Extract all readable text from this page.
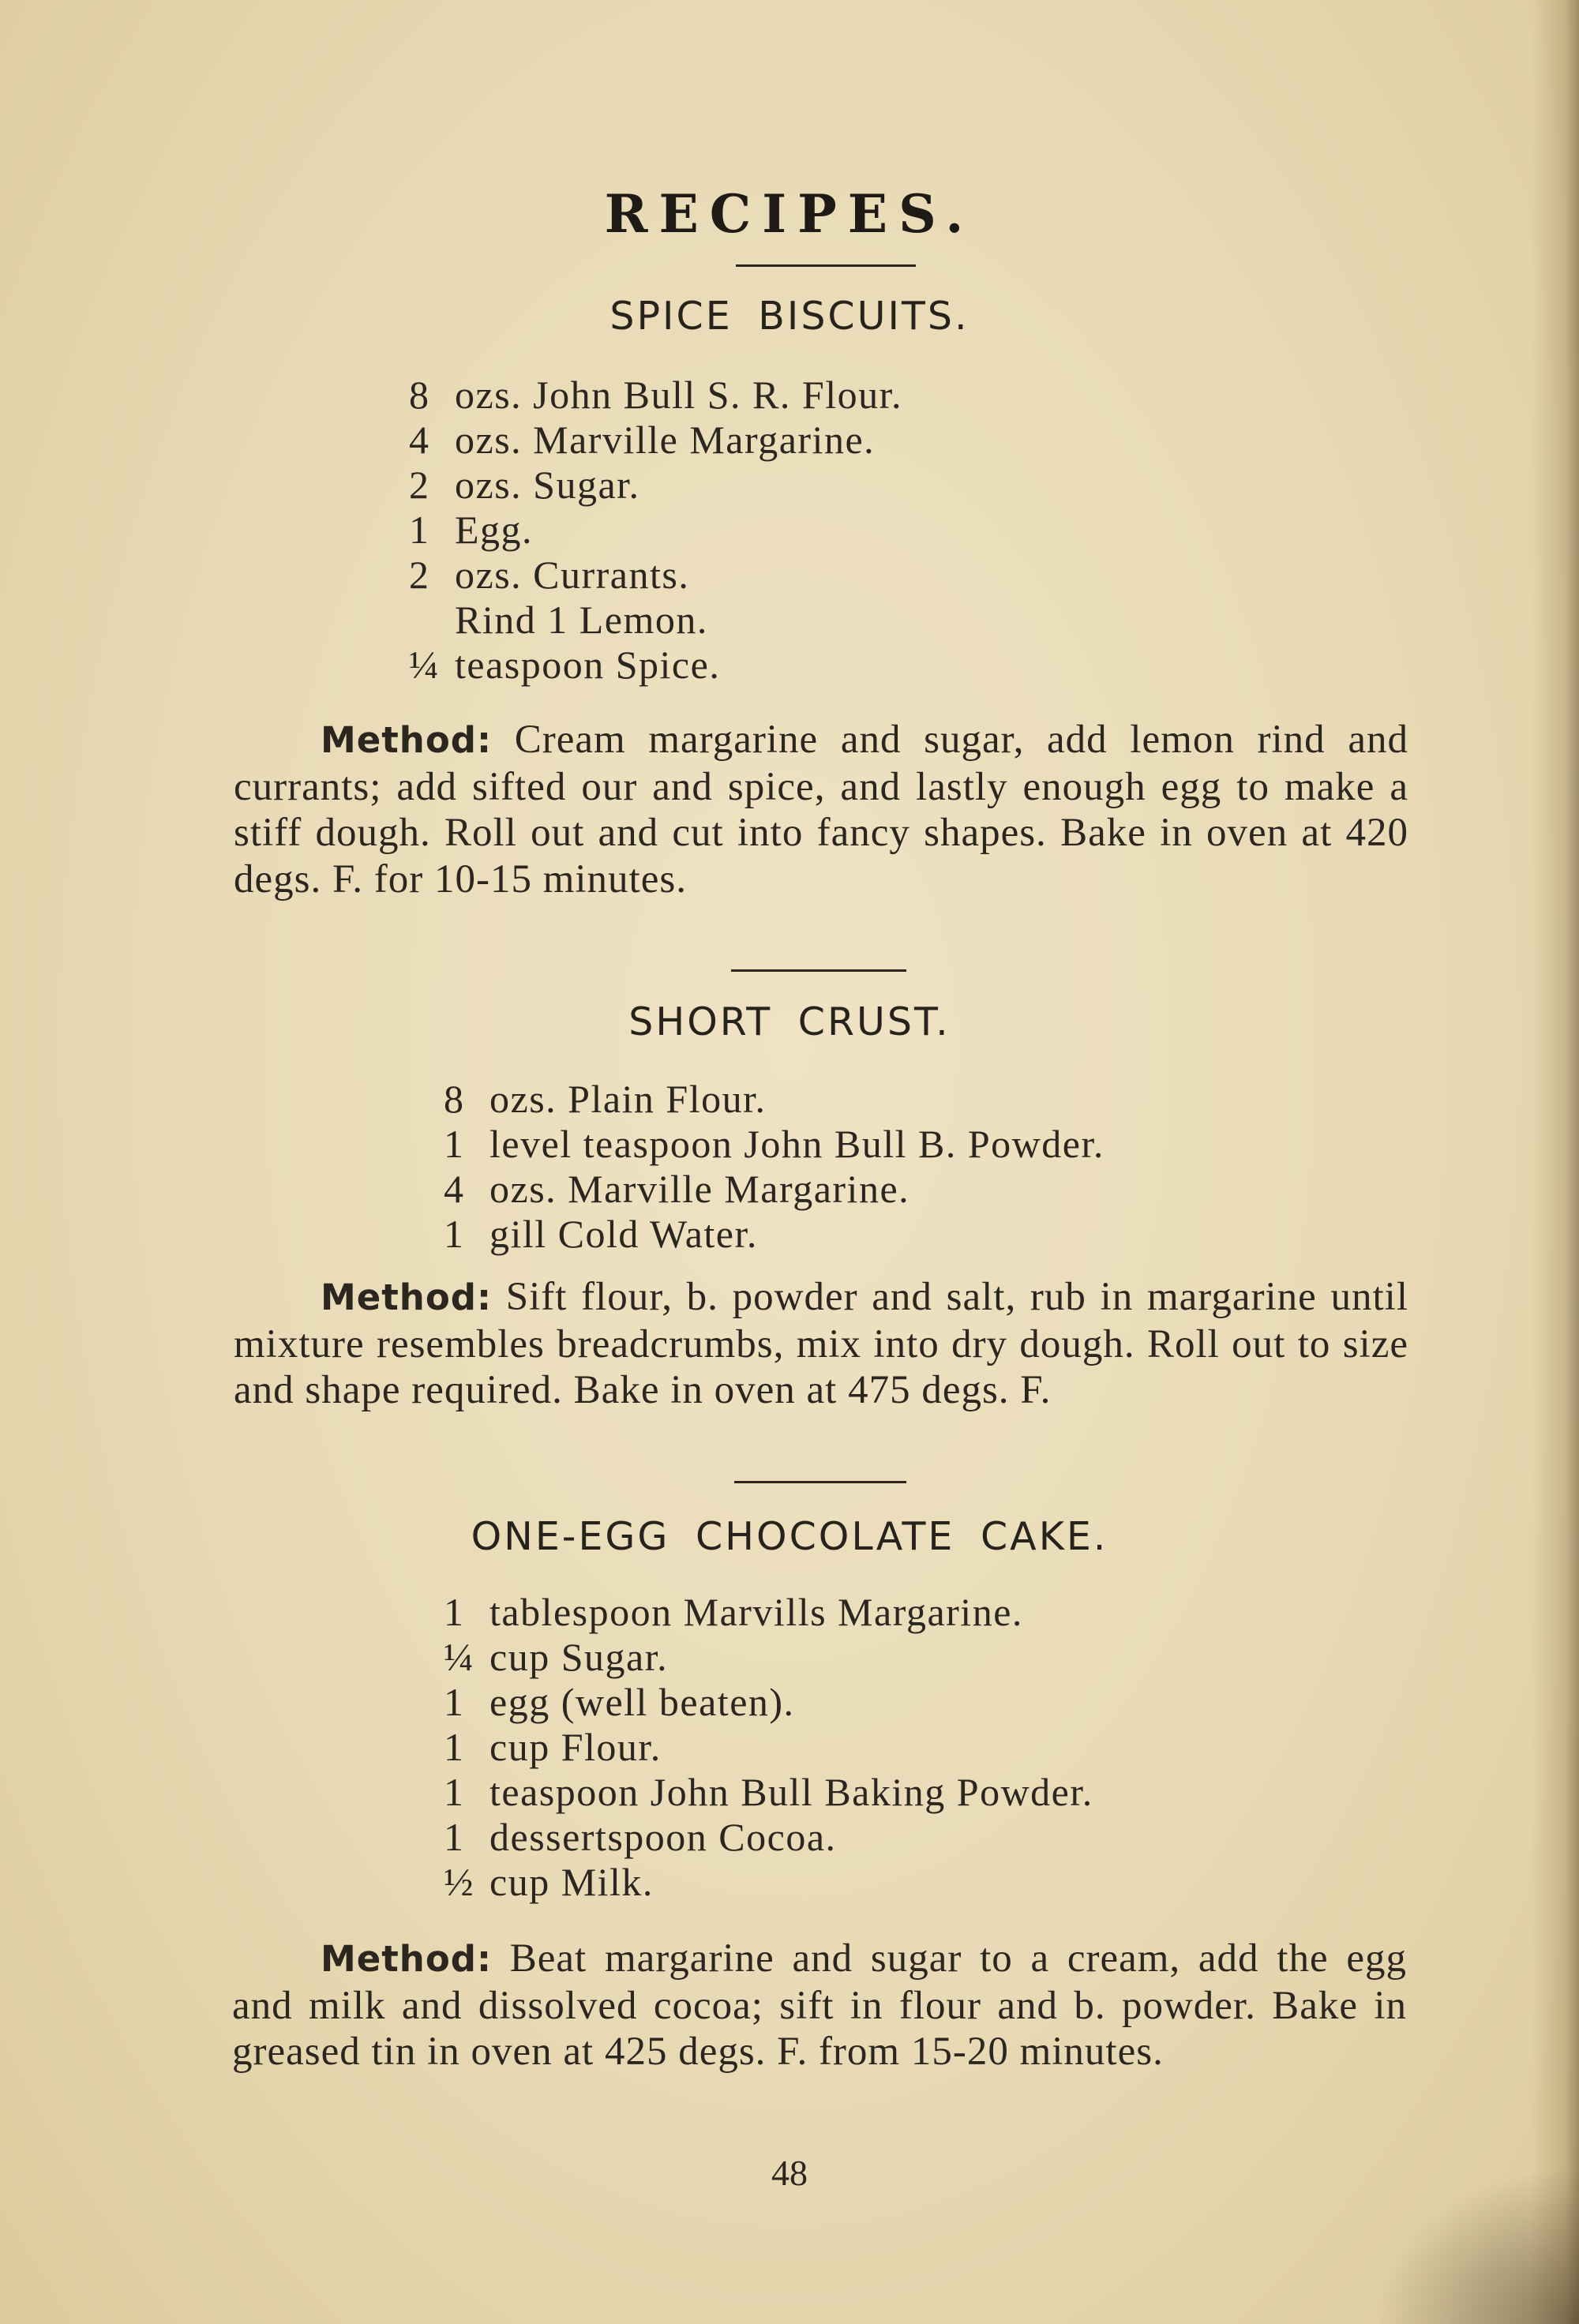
RECIPES.
SPICE BISCUITS.
8 ozs. John Bull S. R. Flour.
4 ozs. Marville Margarine.
2 ozs. Sugar.
1 Egg.
2 ozs. Currants.
Rind 1 Lemon.
¼ teaspoon Spice.
Method: Cream margarine and sugar, add lemon rind and currants; add sifted our and spice, and lastly enough egg to make a stiff dough. Roll out and cut into fancy shapes. Bake in oven at 420 degs. F. for 10-15 minutes.
SHORT CRUST.
8 ozs. Plain Flour.
1 level teaspoon John Bull B. Powder.
4 ozs. Marville Margarine.
1 gill Cold Water.
Method: Sift flour, b. powder and salt, rub in margarine until mixture resembles breadcrumbs, mix into dry dough. Roll out to size and shape required. Bake in oven at 475 degs. F.
ONE-EGG CHOCOLATE CAKE.
1 tablespoon Marvills Margarine.
¼ cup Sugar.
1 egg (well beaten).
1 cup Flour.
1 teaspoon John Bull Baking Powder.
1 dessertspoon Cocoa.
½ cup Milk.
Method: Beat margarine and sugar to a cream, add the egg and milk and dissolved cocoa; sift in flour and b. powder. Bake in greased tin in oven at 425 degs. F. from 15-20 minutes.
48
